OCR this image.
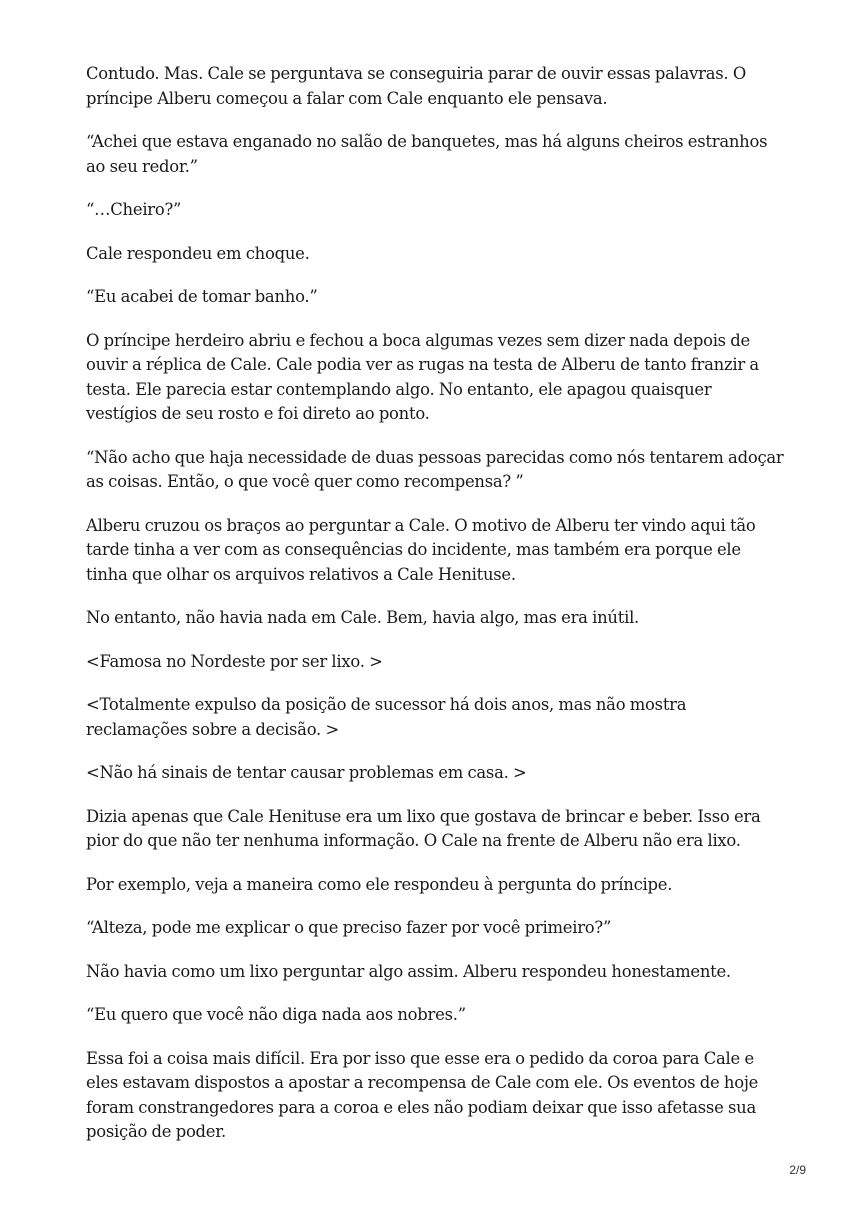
Contudo. Mas. Cale se perguntava se conseguiria parar de ouvir essas palavras. O príncipe Alberu começou a falar com Cale enquanto ele pensava.

“Achei que estava enganado no salão de banquetes, mas há alguns cheiros estranhos ao seu redor.”

“…Cheiro?”

Cale respondeu em choque.

“Eu acabei de tomar banho.”

O príncipe herdeiro abriu e fechou a boca algumas vezes sem dizer nada depois de ouvir a réplica de Cale. Cale podia ver as rugas na testa de Alberu de tanto franzir a testa. Ele parecia estar contemplando algo. No entanto, ele apagou quaisquer vestígios de seu rosto e foi direto ao ponto.

“Não acho que haja necessidade de duas pessoas parecidas como nós tentarem adoçar as coisas. Então, o que você quer como recompensa? ”

Alberu cruzou os braços ao perguntar a Cale. O motivo de Alberu ter vindo aqui tão tarde tinha a ver com as consequências do incidente, mas também era porque ele tinha que olhar os arquivos relativos a Cale Henituse.

No entanto, não havia nada em Cale. Bem, havia algo, mas era inútil.

<Famosa no Nordeste por ser lixo. >

<Totalmente expulso da posição de sucessor há dois anos, mas não mostra reclamações sobre a decisão. >

<Não há sinais de tentar causar problemas em casa. >

Dizia apenas que Cale Henituse era um lixo que gostava de brincar e beber. Isso era pior do que não ter nenhuma informação. O Cale na frente de Alberu não era lixo.

Por exemplo, veja a maneira como ele respondeu à pergunta do príncipe.

“Alteza, pode me explicar o que preciso fazer por você primeiro?”

Não havia como um lixo perguntar algo assim. Alberu respondeu honestamente.

“Eu quero que você não diga nada aos nobres.”

Essa foi a coisa mais difícil. Era por isso que esse era o pedido da coroa para Cale e eles estavam dispostos a apostar a recompensa de Cale com ele. Os eventos de hoje foram constrangedores para a coroa e eles não podiam deixar que isso afetasse sua posição de poder.

2/9
